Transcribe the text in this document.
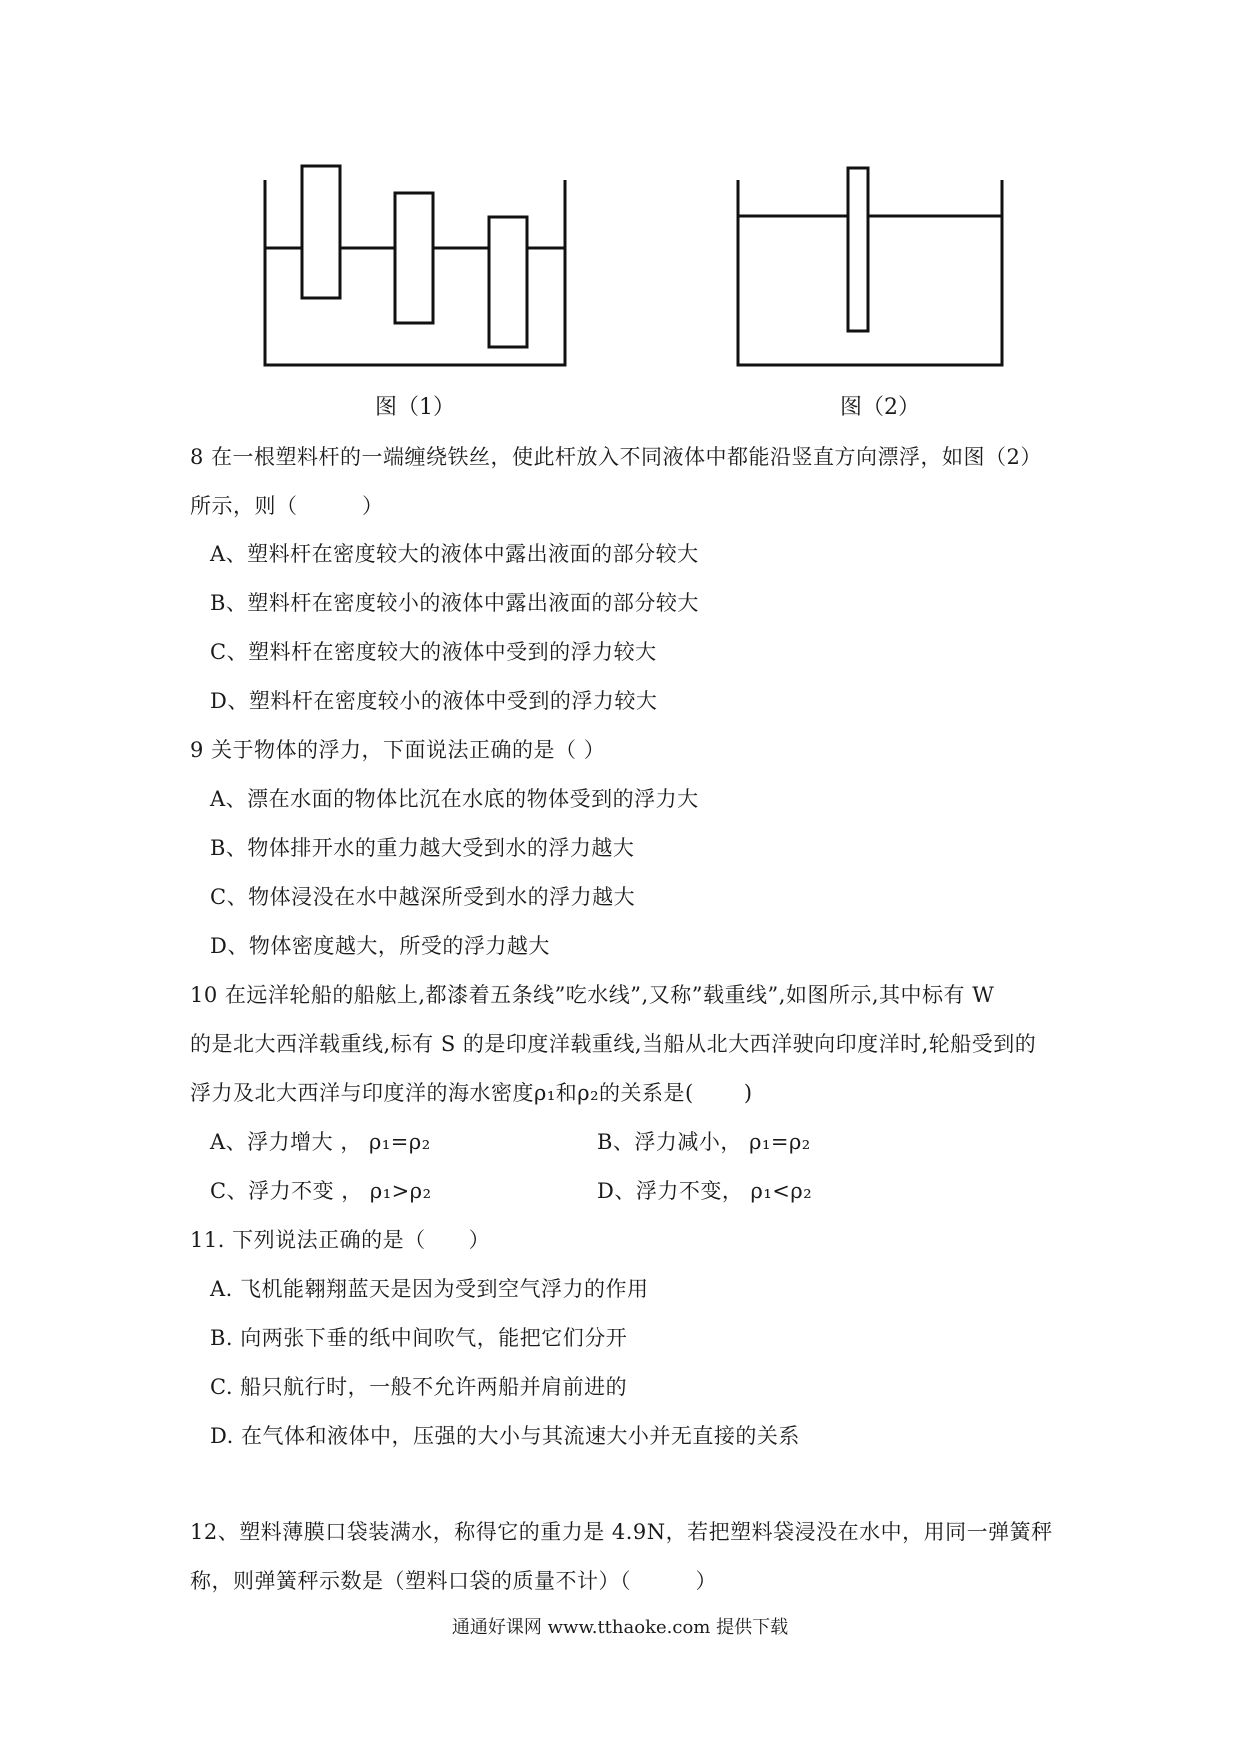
图（1）	图（2）
8 在一根塑料杆的一端缠绕铁丝，使此杆放入不同液体中都能沿竖直方向漂浮，如图（2）
所示，则（　　　）
A、塑料杆在密度较大的液体中露出液面的部分较大
B、塑料杆在密度较小的液体中露出液面的部分较大
C、塑料杆在密度较大的液体中受到的浮力较大
D、塑料杆在密度较小的液体中受到的浮力较大
9 关于物体的浮力，下面说法正确的是（ ）
A、漂在水面的物体比沉在水底的物体受到的浮力大
B、物体排开水的重力越大受到水的浮力越大
C、物体浸没在水中越深所受到水的浮力越大
D、物体密度越大，所受的浮力越大
10 在远洋轮船的船舷上,都漆着五条线”吃水线”,又称”载重线”,如图所示,其中标有 W
的是北大西洋载重线,标有 S 的是印度洋载重线,当船从北大西洋驶向印度洋时,轮船受到的
浮力及北大西洋与印度洋的海水密度ρ₁和ρ₂的关系是(　　 )
A、浮力增大 ， ρ₁=ρ₂	B、浮力减小， ρ₁=ρ₂
C、浮力不变 ， ρ₁>ρ₂	D、浮力不变， ρ₁<ρ₂
11. 下列说法正确的是（　　）
A. 飞机能翱翔蓝天是因为受到空气浮力的作用
B. 向两张下垂的纸中间吹气，能把它们分开
C. 船只航行时，一般不允许两船并肩前进的
D. 在气体和液体中，压强的大小与其流速大小并无直接的关系
12、塑料薄膜口袋装满水，称得它的重力是 4.9N，若把塑料袋浸没在水中，用同一弹簧秤
称，则弹簧秤示数是（塑料口袋的质量不计）（　　　）
通通好课网 www.tthaoke.com 提供下载
